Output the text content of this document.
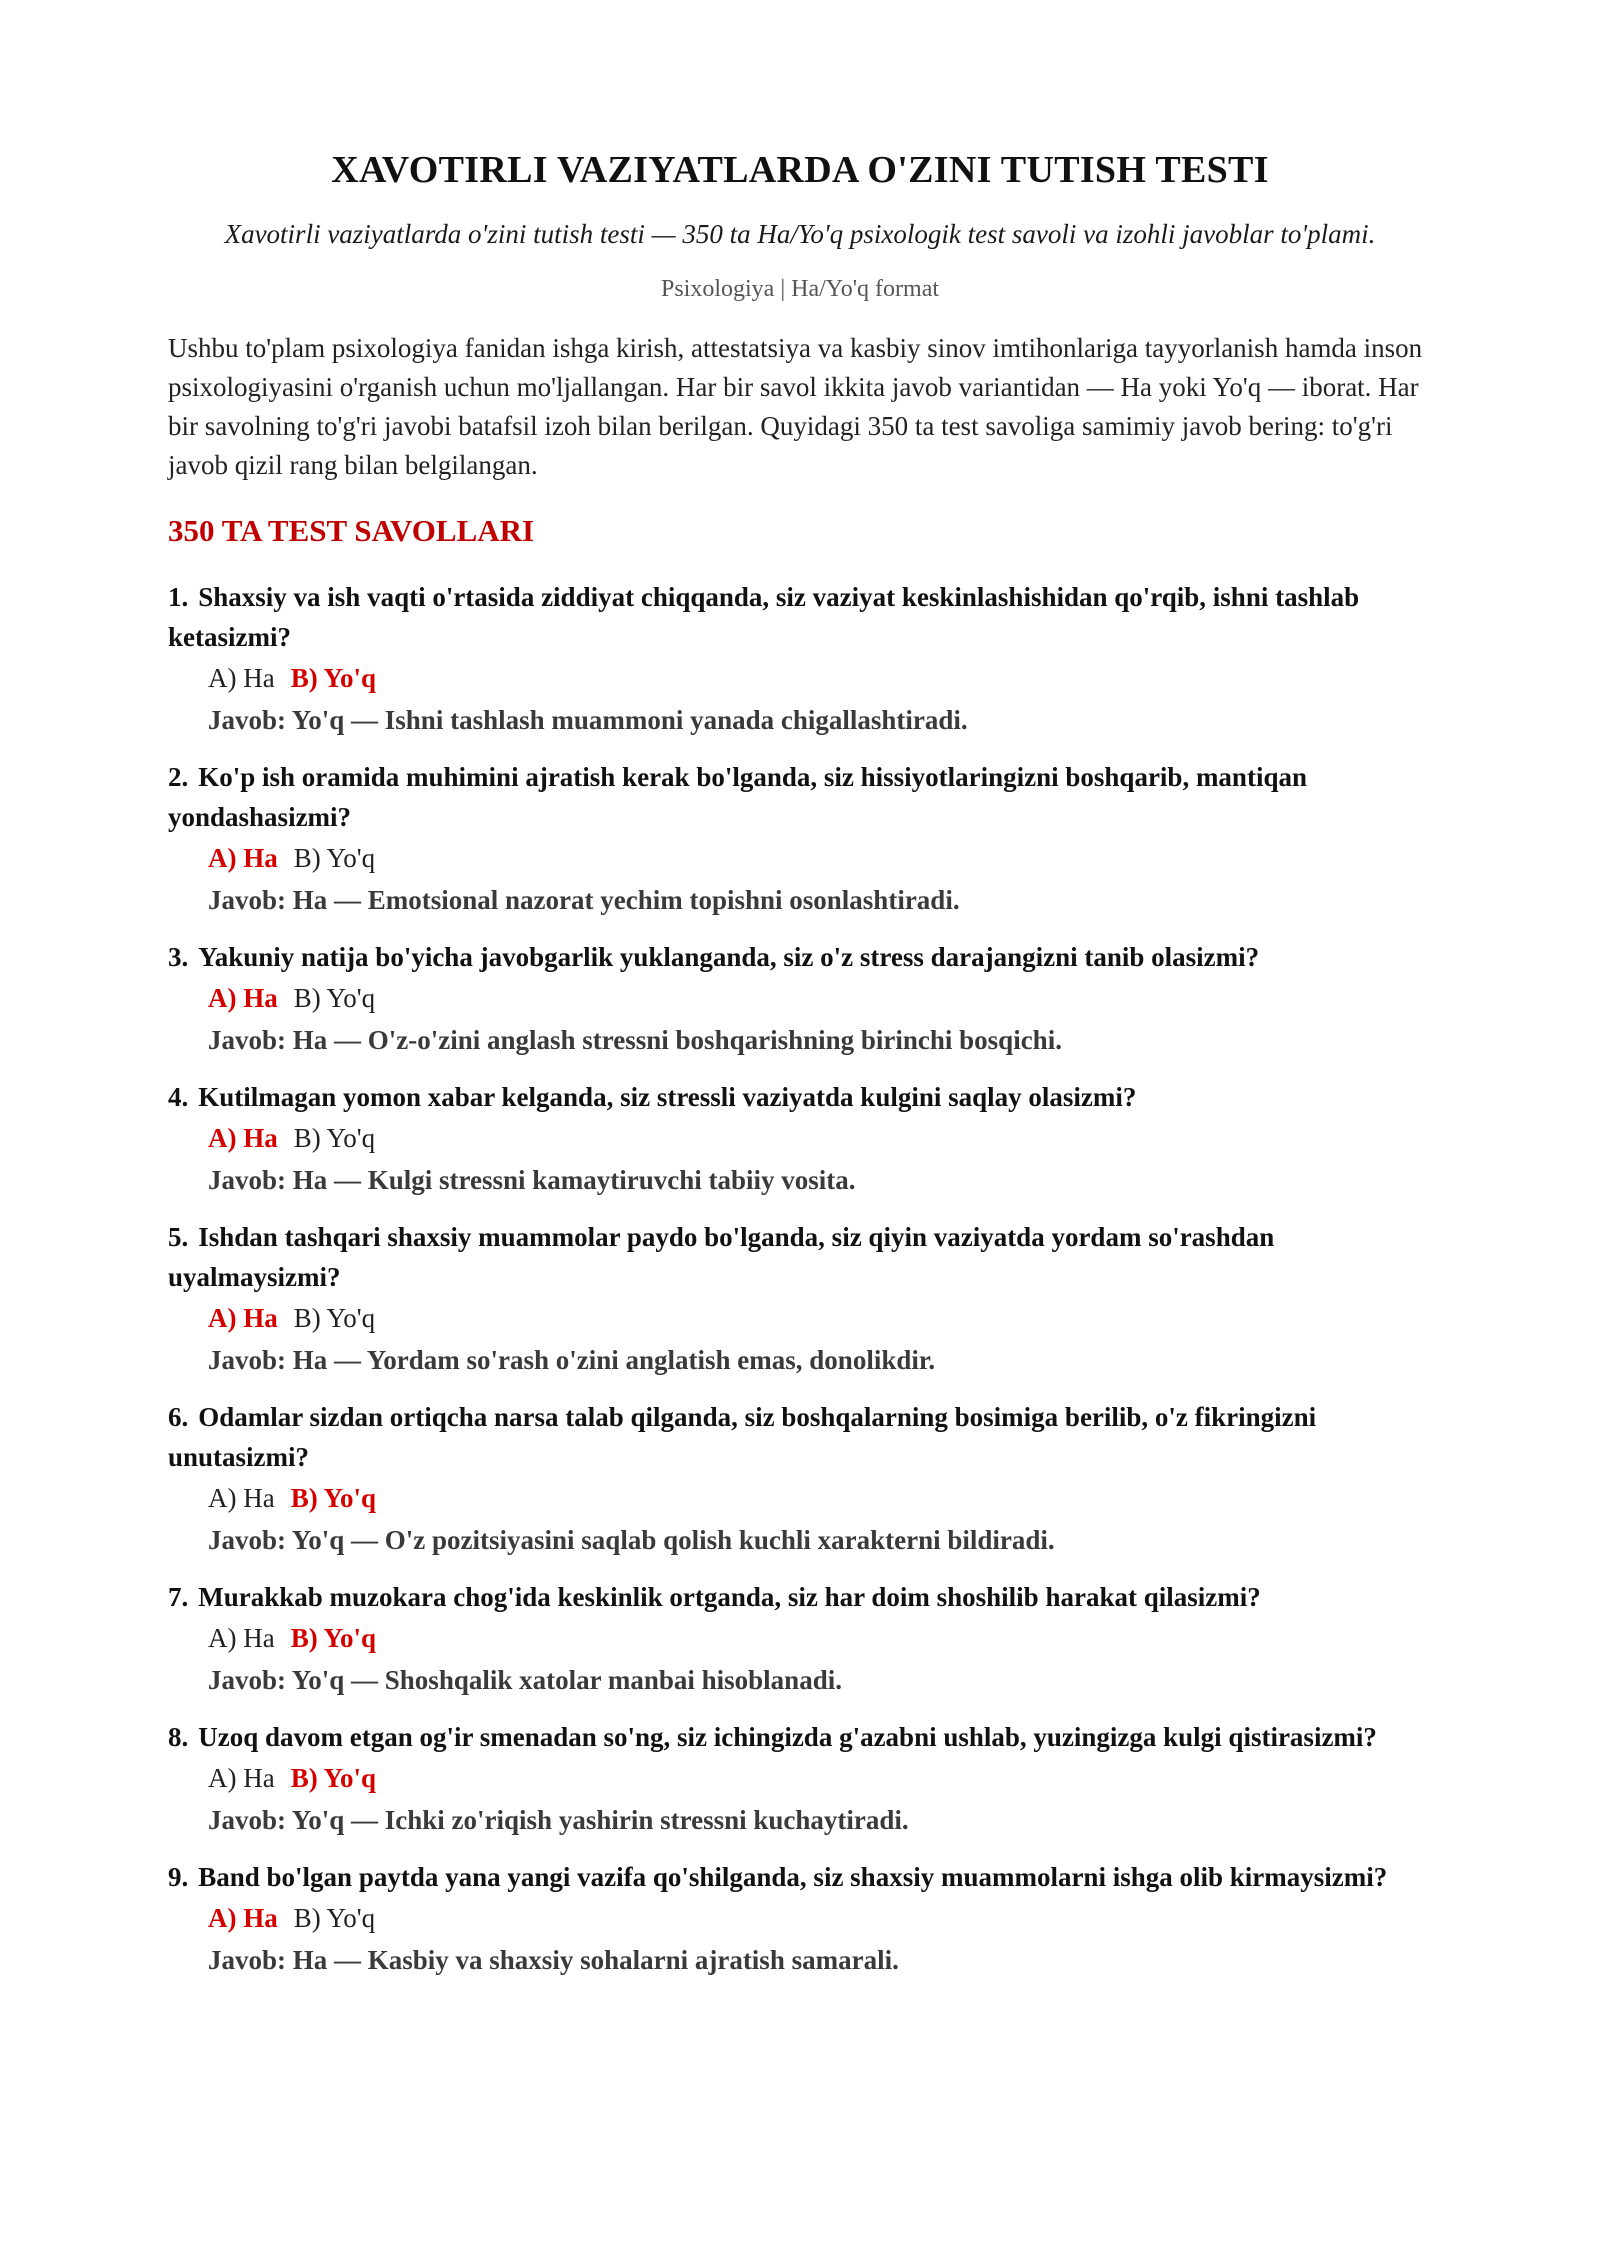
XAVOTIRLI VAZIYATLARDA O'ZINI TUTISH TESTI
Xavotirli vaziyatlarda o'zini tutish testi — 350 ta Ha/Yo'q psixologik test savoli va izohli javoblar to'plami.
Psixologiya | Ha/Yo'q format

Ushbu to'plam psixologiya fanidan ishga kirish, attestatsiya va kasbiy sinov imtihonlariga tayyorlanish hamda inson psixologiyasini o'rganish uchun mo'ljallangan. Har bir savol ikkita javob variantidan — Ha yoki Yo'q — iborat. Har bir savolning to'g'ri javobi batafsil izoh bilan berilgan. Quyidagi 350 ta test savoliga samimiy javob bering: to'g'ri javob qizil rang bilan belgilangan.

350 TA TEST SAVOLLARI
1. Shaxsiy va ish vaqti o'rtasida ziddiyat chiqqanda, siz vaziyat keskinlashishidan qo'rqib, ishni tashlab ketasizmi?
A) Ha B) Yo'q
Javob: Yo'q — Ishni tashlash muammoni yanada chigallashtiradi.
2. Ko'p ish oramida muhimini ajratish kerak bo'lganda, siz hissiyotlaringizni boshqarib, mantiqan yondashasizmi?
A) Ha B) Yo'q
Javob: Ha — Emotsional nazorat yechim topishni osonlashtiradi.
3. Yakuniy natija bo'yicha javobgarlik yuklanganda, siz o'z stress darajangizni tanib olasizmi?
A) Ha B) Yo'q
Javob: Ha — O'z-o'zini anglash stressni boshqarishning birinchi bosqichi.
4. Kutilmagan yomon xabar kelganda, siz stressli vaziyatda kulgini saqlay olasizmi?
A) Ha B) Yo'q
Javob: Ha — Kulgi stressni kamaytiruvchi tabiiy vosita.
5. Ishdan tashqari shaxsiy muammolar paydo bo'lganda, siz qiyin vaziyatda yordam so'rashdan uyalmaysizmi?
A) Ha B) Yo'q
Javob: Ha — Yordam so'rash o'zini anglatish emas, donolikdir.
6. Odamlar sizdan ortiqcha narsa talab qilganda, siz boshqalarning bosimiga berilib, o'z fikringizni unutasizmi?
A) Ha B) Yo'q
Javob: Yo'q — O'z pozitsiyasini saqlab qolish kuchli xarakterni bildiradi.
7. Murakkab muzokara chog'ida keskinlik ortganda, siz har doim shoshilib harakat qilasizmi?
A) Ha B) Yo'q
Javob: Yo'q — Shoshqalik xatolar manbai hisoblanadi.
8. Uzoq davom etgan og'ir smenadan so'ng, siz ichingizda g'azabni ushlab, yuzingizga kulgi qistirasizmi?
A) Ha B) Yo'q
Javob: Yo'q — Ichki zo'riqish yashirin stressni kuchaytiradi.
9. Band bo'lgan paytda yana yangi vazifa qo'shilganda, siz shaxsiy muammolarni ishga olib kirmaysizmi?
A) Ha B) Yo'q
Javob: Ha — Kasbiy va shaxsiy sohalarni ajratish samarali.
